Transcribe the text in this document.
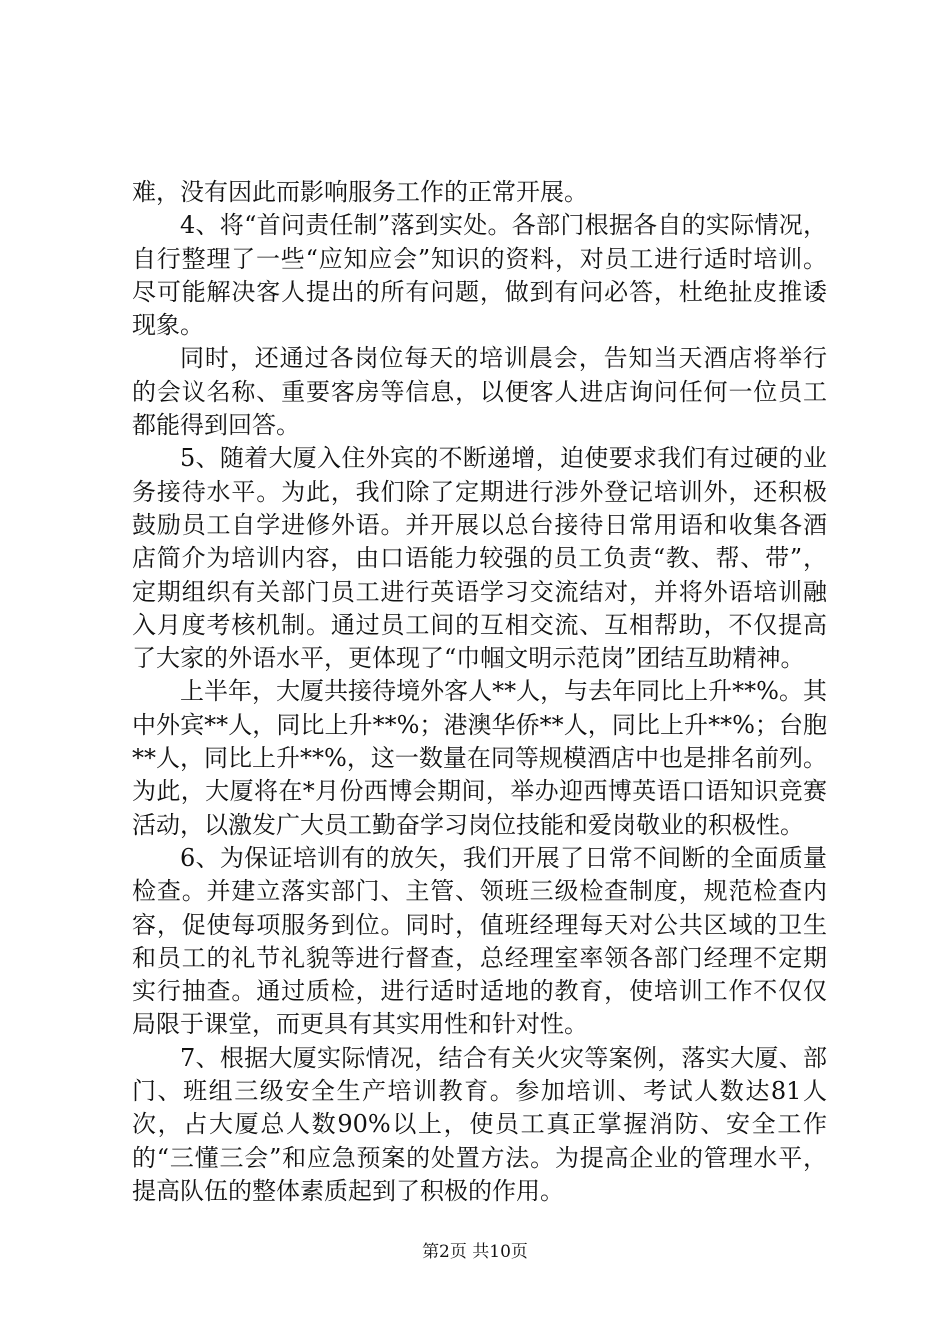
难，没有因此而影响服务工作的正常开展。

4、将“首问责任制”落到实处。各部门根据各自的实际情况，自行整理了一些“应知应会”知识的资料，对员工进行适时培训。尽可能解决客人提出的所有问题，做到有问必答，杜绝扯皮推诿现象。

同时，还通过各岗位每天的培训晨会，告知当天酒店将举行的会议名称、重要客房等信息，以便客人进店询问任何一位员工都能得到回答。

5、随着大厦入住外宾的不断递增，迫使要求我们有过硬的业务接待水平。为此，我们除了定期进行涉外登记培训外，还积极鼓励员工自学进修外语。并开展以总台接待日常用语和收集各酒店简介为培训内容，由口语能力较强的员工负责“教、帮、带”，定期组织有关部门员工进行英语学习交流结对，并将外语培训融入月度考核机制。通过员工间的互相交流、互相帮助，不仅提高了大家的外语水平，更体现了“巾帼文明示范岗”团结互助精神。

上半年，大厦共接待境外客人**人，与去年同比上升**%。其中外宾**人，同比上升**%；港澳华侨**人，同比上升**%；台胞**人，同比上升**%，这一数量在同等规模酒店中也是排名前列。为此，大厦将在*月份西博会期间，举办迎西博英语口语知识竞赛活动，以激发广大员工勤奋学习岗位技能和爱岗敬业的积极性。

6、为保证培训有的放矢，我们开展了日常不间断的全面质量检查。并建立落实部门、主管、领班三级检查制度，规范检查内容，促使每项服务到位。同时，值班经理每天对公共区域的卫生和员工的礼节礼貌等进行督查，总经理室率领各部门经理不定期实行抽查。通过质检，进行适时适地的教育，使培训工作不仅仅局限于课堂，而更具有其实用性和针对性。

7、根据大厦实际情况，结合有关火灾等案例，落实大厦、部门、班组三级安全生产培训教育。参加培训、考试人数达81人次，占大厦总人数90%以上，使员工真正掌握消防、安全工作的“三懂三会”和应急预案的处置方法。为提高企业的管理水平，提高队伍的整体素质起到了积极的作用。

第2页 共10页
